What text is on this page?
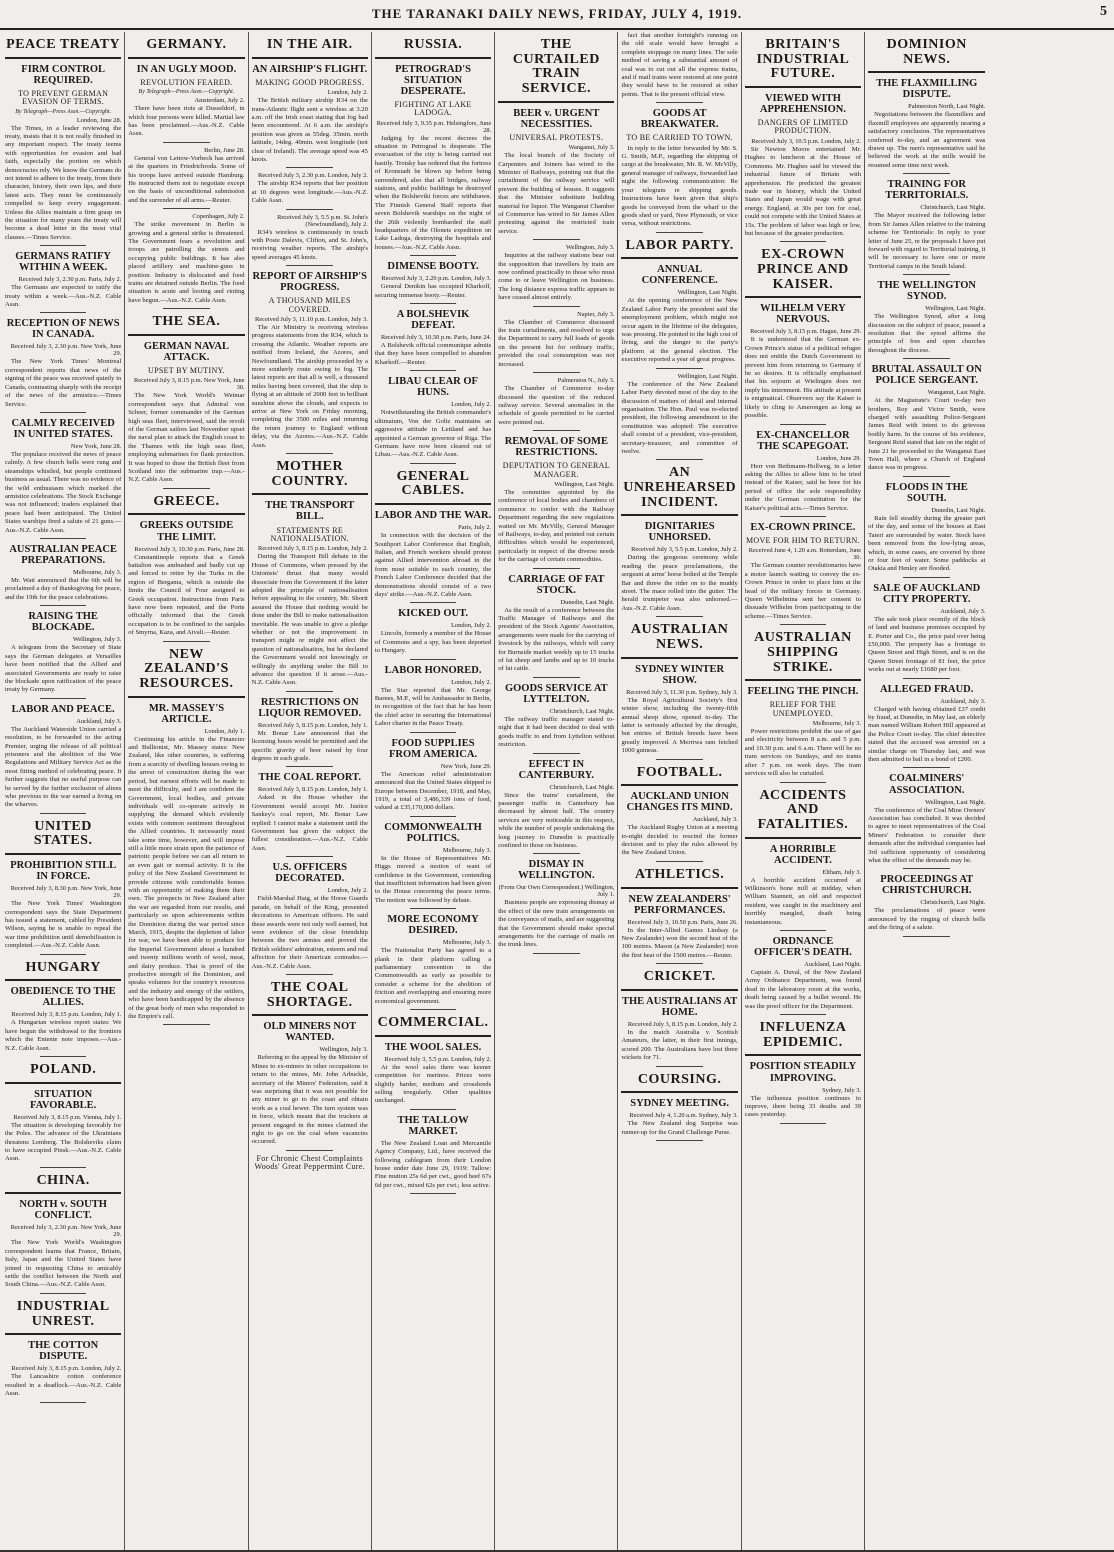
THE TARANAKI DAILY NEWS, FRIDAY, JULY 4, 1919.	5
PEACE TREATY
FIRM CONTROL REQUIRED.
TO PREVENT GERMAN EVASION OF TERMS.
By Telegraph—Press Assn.—Copyright.
London, June 28.
The Times, in a leader reviewing the treaty, insists that it is not really finished in any important respect. The treaty teems with opportunities for evasion and bad faith, especially the portion on which democracies rely. We know the Germans do not intend to adhere to the treaty, from their character, history, their own lips, and their latest acts. They must be continuously compelled to keep every engagement. Unless the Allies maintain a firm grasp on the situation for many years the treaty will become a dead letter in the most vital clauses.—Times Service.
GERMANS RATIFY WITHIN A WEEK.
Received July 3, 2.30 p.m. Paris, July 2.
The Germans are expected to ratify the treaty within a week.—Aus.-N.Z. Cable Assn.
RECEPTION OF NEWS IN CANADA.
Received July 3, 2.30 p.m. New York, June 29.
The New York Times' Montreal correspondent reports that news of the signing of the peace was received quietly in Canada, contrasting sharply with the receipt of the news of the armistice.—Times Service.
CALMLY RECEIVED IN UNITED STATES.
New York, June 28.
The populace received the news of peace calmly. A few church bells were rung and steamships whistled, but people continued business as usual. There was no evidence of the wild enthusiasm which marked the armistice celebrations. The Stock Exchange was not influenced; traders explained that peace had been anticipated. The United States warships fired a salute of 21 guns.—Aus.-N.Z. Cable Assn.
AUSTRALIAN PEACE PREPARATIONS.
Melbourne, July 3.
Mr. Watt announced that the 6th will be proclaimed a day of thanksgiving for peace, and the 19th for the peace celebrations.
RAISING THE BLOCKADE.
Wellington, July 3.
A telegram from the Secretary of State says the German delegates at Versailles have been notified that the Allied and associated Governments are ready to raise the blockade upon ratification of the peace treaty by Germany.
LABOR AND PEACE.
Auckland, July 3.
The Auckland Waterside Union carried a resolution, to be forwarded to the acting Premier, urging the release of all political prisoners and the abolition of the War Regulations and Military Service Act as the most fitting method of celebrating peace. It further suggests that no useful purpose can be served by the further exclusion of aliens who previous to the war earned a living on the wharves.
UNITED STATES.
PROHIBITION STILL IN FORCE.
Received July 3, 8.30 p.m. New York, June 29.
The New York Times' Washington correspondent says the State Department has issued a statement, cabled by President Wilson, saying he is unable to repeal the war time prohibition until demobilisation is completed.—Aus.-N.Z. Cable Assn.
HUNGARY
OBEDIENCE TO THE ALLIES.
Received July 3, 8.15 p.m. London, July 1.
A Hungarian wireless report states: We have begun the withdrawal to the frontiers which the Entente note imposes.—Aus.-N.Z. Cable Assn.
POLAND.
SITUATION FAVORABLE.
Received July 3, 8.15 p.m. Vienna, July 1.
The situation is developing favorably for the Poles. The advance of the Ukrainians threatens Lemberg. The Bolsheviks claim to have occupied Pinsk.—Aus.-N.Z. Cable Assn.
CHINA.
NORTH v. SOUTH CONFLICT.
Received July 3, 2.30 p.m. New York, June 29.
The New York World's Washington correspondent learns that France, Britain, Italy, Japan and the United States have joined in requesting China to amicably settle the conflict between the North and South China.—Aus.-N.Z. Cable Assn.
INDUSTRIAL UNREST.
THE COTTON DISPUTE.
Received July 3, 8.15 p.m. London, July 2.
The Lancashire cotton conference resulted in a deadlock.—Aus.-N.Z. Cable Assn.
GERMANY.
IN AN UGLY MOOD.
REVOLUTION FEARED.
By Telegraph—Press Assn.—Copyright.
Amsterdam, July 2.
There have been riots at Dusseldorf, in which four persons were killed. Martial law has been proclaimed.—Aus.-N.Z. Cable Assn.
Berlin, June 28.
General von Lettow-Vorbeck has arrived at the quarters in Friedrichroda. Some of his troops have arrived outside Hamburg. He instructed them not to negotiate except on the basis of unconditional submission and the surrender of all arms.—Reuter.
Copenhagen, July 2.
The strike movement in Berlin is growing and a general strike is threatened. The Government fears a revolution and troops are patrolling the streets and occupying public buildings. It has also placed artillery and machine-guns in position. Industry is dislocated and food trains are detained outside Berlin. The food situation is acute and looting and rioting have begun.—Aus.-N.Z. Cable Assn.
THE SEA.
GERMAN NAVAL ATTACK.
UPSET BY MUTINY.
Received July 3, 8.15 p.m. New York, June 30.
The New York World's Weimar correspondent says that Admiral von Scheer, former commander of the German high seas fleet, interviewed, said the revolt of the German sailors last November upset the naval plan to attack the English coast to the Thames with the high seas fleet, employing submarines for flank protection. It was hoped to draw the British fleet from Scotland into the submarine trap.—Aus.-N.Z. Cable Assn.
GREECE.
GREEKS OUTSIDE THE LIMIT.
Received July 3, 10.30 p.m. Paris, June 28.
Constantinople reports that a Greek battalion was ambushed and badly cut up and forced to retire by the Turks in the region of Bergama, which is outside the limits the Council of Four assigned to Greek occupation. Instructions from Paris have now been repeated, and the Porte officially informed that the Greek occupation is to be confined to the sanjaks of Smyrna, Kaza, and Aivali.—Reuter.
NEW ZEALAND'S RESOURCES.
MR. MASSEY'S ARTICLE.
London, July 1.
Continuing his article in the Financier and Bullionist, Mr. Massey states: New Zealand, like other countries, is suffering from a scarcity of dwelling houses owing to the arrest of construction during the war period, but earnest efforts will be made to meet the difficulty, and I am confident the Government, local bodies, and private individuals will co-operate actively in supplying the demand which evidently exists with common sentiment throughout the Allied countries. It necessarily must take some time, however, and will impose still a little more strain upon the patience of patriotic people before we can all return to an even gait or normal activity. It is the policy of the New Zealand Government to provide citizens with comfortable homes with an opportunity of making them their own. The prospects in New Zealand after the war are regarded from our results, and particularly so upon achievements within the Dominion during the war period since March, 1915, despite the depletion of labor for war, we have been able to produce for the Imperial Government about a hundred and twenty millions worth of wool, meat, and dairy produce. That is proof of the productive strength of the Dominion, and speaks volumes for the country's resources and the industry and energy of the settlers, who have been handicapped by the absence of the great body of men who responded to the Empire's call.
IN THE AIR.
AN AIRSHIP'S FLIGHT.
MAKING GOOD PROGRESS.
London, July 2.
The British military airship R34 on the trans-Atlantic flight sent a wireless at 3.20 a.m. off the Irish coast stating that fog had been encountered. At 6 a.m. the airship's position was given as 55deg. 35min. north latitude, 14deg. 40min. west longitude (not clear of Ireland). The average speed was 45 knots.
Received July 3, 2.30 p.m. London, July 2.
The airship R34 reports that her position at 10 degrees west longitude.—Aus.-N.Z. Cable Assn.
Received July 3, 5.5 p.m. St. John's (Newfoundland), July 2.
R34's wireless is continuously in touch with Poste Dalevis, Clifton, and St. John's, receiving weather reports. The airship's speed averages 45 knots.
REPORT OF AIRSHIP'S PROGRESS.
A THOUSAND MILES COVERED.
Received July 3, 11.10 p.m. London, July 3.
The Air Ministry is receiving wireless progress statements from the R34, which is crossing the Atlantic. Weather reports are notified from Ireland, the Azores, and Newfoundland. The airship proceeded by a more southerly route owing to fog. The latest reports are that all is well, a thousand miles having been covered, that the ship is flying at an altitude of 2000 feet in brilliant sunshine above the clouds, and expects to arrive at New York on Friday morning, completing the 3500 miles and returning the return journey to England without delay, via the Azores.—Aus.-N.Z. Cable Assn.
MOTHER COUNTRY.
THE TRANSPORT BILL.
STATEMENTS RE NATIONALISATION.
Received July 3, 8.15 p.m. London, July 2.
During the Transport Bill debate in the House of Commons, when pressed by the Unionists' thrust that many would dissociate from the Government if the latter adopted the principle of nationalisation before appealing to the country, Mr. Shortt assured the House that nothing would be done under the Bill to make nationalisation inevitable. He was unable to give a pledge whether or not the improvement in transport might or might not affect the question of nationalisation, but he declared the Government would not knowingly or willingly do anything under the Bill to advance the question if it arose.—Aus.-N.Z. Cable Assn.
RESTRICTIONS ON LIQUOR REMOVED.
Received July 3, 8.15 p.m. London, July 1.
Mr. Bonar Law announced that the licensing hours would be permitted and the specific gravity of beer raised by four degrees in each grade.
THE COAL REPORT.
Received July 3, 8.15 p.m. London, July 1.
Asked in the House whether the Government would accept Mr. Justice Sankey's coal report, Mr. Bonar Law replied: I cannot make a statement until the Government has given the subject the fullest consideration.—Aus.-N.Z. Cable Assn.
U.S. OFFICERS DECORATED.
London, July 2.
Field-Marshal Haig, at the Horse Guards parade, on behalf of the King, presented decorations to American officers. He said these awards were not only well earned, but were evidence of the close friendship between the two armies and proved the British soldiers' admiration, esteem and real affection for their American comrades.—Aus.-N.Z. Cable Assn.
THE COAL SHORTAGE.
OLD MINERS NOT WANTED.
Wellington, July 3.
Referring to the appeal by the Minister of Mines to ex-miners in other occupations to return to the mines, Mr. John Arbuckle, secretary of the Miners' Federation, said it was surprising that it was not possible for any miner to go to the coast and obtain work as a coal hewer. The turn system was in force, which meant that the truckers at present engaged in the mines claimed the right to go on the coal when vacancies occurred.
For Chronic Chest Complaints Woods' Great Peppermint Cure.
RUSSIA.
PETROGRAD'S SITUATION DESPERATE.
FIGHTING AT LAKE LADOGA.
Received July 3, 9.35 p.m. Helsingfors, June 28.
Judging by the recent decrees the situation in Petrograd is desperate. The evacuation of the city is being carried out hastily. Trotsky has ordered that the fortress of Kronstadt be blown up before being surrendered, also that all bridges, railway stations, and public buildings be destroyed when the Bolsheviki forces are withdrawn. The Finnish General Staff reports that seven Bolshevik warships on the night of the 26th violently bombarded the staff headquarters of the Olonets expedition on Lake Ladoga, destroying the hospitals and houses.—Aus.-N.Z. Cable Assn.
DIMENSE BOOTY.
Received July 3, 2.20 p.m. London, July 3.
General Denikin has occupied Kharkoff, securing immense booty.—Reuter.
A BOLSHEVIK DEFEAT.
Received July 3, 10.50 p.m. Paris, June 24.
A Bolshevik official communique admits that they have been compelled to abandon Kharkoff.—Reuter.
LIBAU CLEAR OF HUNS.
London, July 2.
Notwithstanding the British commander's ultimatum, Von der Goltz maintains an aggressive attitude in Lettland and has appointed a German governor of Riga. The Germans have now been cleared out of Libau.—Aus.-N.Z. Cable Assn.
GENERAL CABLES.
LABOR AND THE WAR.
Paris, July 2.
In connection with the decision of the Southport Labor Conference that English, Italian, and French workers should protest against Allied intervention abroad in the form most suitable to each country, the French Labor Conference decided that the demonstrations should consist of a two days' strike.—Aus.-N.Z. Cable Assn.
KICKED OUT.
London, July 2.
Lincoln, formerly a member of the House of Commons and a spy, has been deported to Hungary.
LABOR HONORED.
London, July 2.
The Star reported that Mr. George Barnes, M.P., will be Ambassador in Berlin, in recognition of the fact that he has been the chief actor in securing the International Labor charter in the Peace Treaty.
FOOD SUPPLIES FROM AMERICA.
New York, June 29.
The American relief administration announced that the United States shipped to Europe between December, 1918, and May, 1919, a total of 3,486,339 tons of food, valued at £35,170,000 dollars.
COMMONWEALTH POLITICS.
Melbourne, July 3.
In the House of Representatives Mr. Higgs moved a motion of want of confidence in the Government, contending that insufficient information had been given to the House concerning the peace terms. The motion was followed by debate.
MORE ECONOMY DESIRED.
Melbourne, July 3.
The Nationalist Party has agreed to a plank in their platform calling a parliamentary convention in the Commonwealth as early as possible to consider a scheme for the abolition of friction and overlapping and ensuring more economical government.
COMMERCIAL.
THE WOOL SALES.
Received July 3, 5.5 p.m. London, July 2.
At the wool sales there was keener competition for merinos. Prices were slightly harder, medium and crossbreds selling irregularly. Other qualities unchanged.
THE TALLOW MARKET.
The New Zealand Loan and Mercantile Agency Company, Ltd., have received the following cablegram from their London house under date June 29, 1919: Tallow: Fine mutton 25s 6d per cwt., good beef 67s 6d per cwt., mixed 62s per cwt.; less active.
THE CURTAILED TRAIN SERVICE.
BEER v. URGENT NECESSITIES.
UNIVERSAL PROTESTS.
Wanganui, July 3.
The local branch of the Society of Carpenters and Joiners has wired to the Minister of Railways, pointing out that the curtailment of the railway service will prevent the building of houses. It suggests that the Minister substitute building material for liquor. The Wanganui Chamber of Commerce has wired to Sir James Allen protesting against the restricted train service.
Wellington, July 3.
Inquiries at the railway stations bear out the supposition that travellers by train are now confined practically to those who must come to or leave Wellington on business. The long distance express traffic appears to have ceased almost entirely.
Napier, July 3.
The Chamber of Commerce discussed the train curtailments, and resolved to urge the Department to carry full loads of goods on the present list for ordinary traffic, provided the coal consumption was not increased.
Palmerston N., July 3.
The Chamber of Commerce to-day discussed the question of the reduced railway service. Several anomalies in the schedule of goods permitted to be carried were pointed out.
REMOVAL OF SOME RESTRICTIONS.
DEPUTATION TO GENERAL MANAGER.
Wellington, Last Night.
The committee appointed by the conference of local bodies and chambers of commerce to confer with the Railway Department regarding the new regulations waited on Mr. McVilly, General Manager of Railways, to-day, and pointed out certain difficulties which would be experienced, particularly in respect of the diverse needs for the carriage of certain commodities.
CARRIAGE OF FAT STOCK.
Dunedin, Last Night.
As the result of a conference between the Traffic Manager of Railways and the president of the Stock Agents' Association, arrangements were made for the carrying of livestock by the railways, which will carry for Burnside market weekly up to 15 trucks of fat sheep and lambs and up to 10 trucks of fat cattle.
GOODS SERVICE AT LYTTELTON.
Christchurch, Last Night.
The railway traffic manager stated to-night that it had been decided to deal with goods traffic to and from Lyttelton without restriction.
EFFECT IN CANTERBURY.
Christchurch, Last Night.
Since the trains' curtailment, the passenger traffic in Canterbury has decreased by almost half. The country services are very noticeable in this respect, while the number of people undertaking the long journey to Dunedin is practically confined to those on business.
DISMAY IN WELLINGTON.
(From Our Own Correspondent.) Wellington, July 1.
Business people are expressing dismay at the effect of the new train arrangements on the conveyance of mails, and are suggesting that the Government should make special arrangements for the carriage of mails on the trunk lines.
fact that another fortnight's running on the old scale would have brought a complete stoppage on many lines. The sole method of saving a substantial amount of coal was to cut out all the express trains, and if mail trains were restored at one point they would have to be restored at other points. That is the present official view.
GOODS AT BREAKWATER.
TO BE CARRIED TO TOWN.
In reply to the letter forwarded by Mr. S. G. Smith, M.P., regarding the shipping of cargo at the breakwater, Mr. R. W. McVilly, general manager of railways, forwarded last night the following communication: Re your telegram re shipping goods. Instructions have been given that ship's goods be conveyed from the wharf to the goods shed or yard, New Plymouth, or vice versa, without restrictions.
LABOR PARTY.
ANNUAL CONFERENCE.
Wellington, Last Night.
At the opening conference of the New Zealand Labor Party the president said the unemployment problem, which might not occur again in the lifetime of the delegates, was pressing. He pointed to the high cost of living, and the danger to the party's platform at the general election. The executive reported a year of great progress.
Wellington, Last Night.
The conference of the New Zealand Labor Party devoted most of the day to the discussion of matters of detail and internal organisation. The Hon. Paul was re-elected president, the following amendment to the constitution was adopted: The executive shall consist of a president, vice-president, secretary-treasurer, and committee of twelve.
AN UNREHEARSED INCIDENT.
DIGNITARIES UNHORSED.
Received July 3, 5.5 p.m. London, July 2.
During the gorgeous ceremony while reading the peace proclamations, the sergeant at arms' horse bolted at the Temple Bar and threw the rider on to the muddy street. The mace rolled into the gutter. The herald trumpeter was also unhorsed.—Aus.-N.Z. Cable Assn.
AUSTRALIAN NEWS.
SYDNEY WINTER SHOW.
Received July 3, 11.30 p.m. Sydney, July 3.
The Royal Agricultural Society's first winter show, including the twenty-fifth annual sheep show, opened to-day. The latter is seriously affected by the drought, but entries of British breeds have been greatly improved. A Merriwa ram fetched 1000 guineas.
FOOTBALL.
AUCKLAND UNION CHANGES ITS MIND.
Auckland, July 3.
The Auckland Rugby Union at a meeting to-night decided to rescind the former decision and to play the rules allowed by the New Zealand Union.
ATHLETICS.
NEW ZEALANDERS' PERFORMANCES.
Received July 3, 10.50 p.m. Paris, June 26.
In the Inter-Allied Games Lindsay (a New Zealander) won the second heat of the 100 metres. Mason (a New Zealander) won the first heat of the 1500 metres.—Reuter.
CRICKET.
THE AUSTRALIANS AT HOME.
Received July 3, 8.15 p.m. London, July 2.
In the match Australia v. Scottish Amateurs, the latter, in their first innings, scored 200. The Australians have lost three wickets for 71.
COURSING.
SYDNEY MEETING.
Received July 4, 1.20 a.m. Sydney, July 3.
The New Zealand dog Surprise was runner-up for the Grand Challenge Purse.
BRITAIN'S INDUSTRIAL FUTURE.
VIEWED WITH APPREHENSION.
DANGERS OF LIMITED PRODUCTION.
Received July 3, 10.5 p.m. London, July 2.
Sir Newton Moore entertained Mr. Hughes to luncheon at the House of Commons. Mr. Hughes said he viewed the industrial future of Britain with apprehension. He predicted the greatest trade war in history, which the United States and Japan would wage with great energy. England, at 30s per ton for coal, could not compete with the United States at 15s. The problem of labor was high or low, but because of the greater production.
EX-CROWN PRINCE AND KAISER.
WILHELM VERY NERVOUS.
Received July 3, 8.15 p.m. Hague, June 29.
It is understood that the German ex-Crown Prince's status of a political refugee does not entitle the Dutch Government to prevent him from returning to Germany if he so desires. It is officially emphasised that his sojourn at Wielingen does not imply his internment. His attitude at present is enigmatical. Observers say the Kaiser is likely to cling to Amerongen as long as possible.
EX-CHANCELLOR THE SCAPEGOAT.
London, June 29.
Herr von Bethmann-Hollweg, in a letter asking the Allies to allow him to be tried instead of the Kaiser, said he bore for his period of office the sole responsibility under the German constitution for the Kaiser's political acts.—Times Service.
EX-CROWN PRINCE.
MOVE FOR HIM TO RETURN.
Received June 4, 1.20 a.m. Rotterdam, June 30.
The German counter revolutionaries have a motor launch waiting to convey the ex-Crown Prince in order to place him at the head of the military forces in Germany. Queen Wilhelmina sent her consent to dissuade Wilhelm from participating in the scheme.—Times Service.
AUSTRALIAN SHIPPING STRIKE.
FEELING THE PINCH.
RELIEF FOR THE UNEMPLOYED.
Melbourne, July 3.
Power restrictions prohibit the use of gas and electricity between 8 a.m. and 5 p.m. and 10.30 p.m. and 6 a.m. There will be no tram services on Sundays, and no trams after 7 p.m. on week days. The tram services will also be curtailed.
ACCIDENTS AND FATALITIES.
A HORRIBLE ACCIDENT.
Eltham, July 3.
A horrible accident occurred at Wilkinson's bone mill at midday, when William Stannett, an old and respected resident, was caught in the machinery and horribly mangled, death being instantaneous.
ORDNANCE OFFICER'S DEATH.
Auckland, Last Night.
Captain A. Duval, of the New Zealand Army Ordnance Department, was found dead in the laboratory room at the works, death being caused by a bullet wound. He was the proof officer for the Department.
INFLUENZA EPIDEMIC.
POSITION STEADILY IMPROVING.
Sydney, July 3.
The influenza position continues to improve, there being 33 deaths and 39 cases yesterday.
DOMINION NEWS.
THE FLAXMILLING DISPUTE.
Palmerston North, Last Night.
Negotiations between the flaxmillers and flaxmill employees are apparently nearing a satisfactory conclusion. The representatives conferred to-day, and an agreement was drawn up. The men's representative said he believed the work at the mills would be resumed some time next week.
TRAINING FOR TERRITORIALS.
Christchurch, Last Night.
The Mayor received the following letter from Sir James Allen relative to the training scheme for Territorials: In reply to your letter of June 25, re the proposals I have put forward with regard to Territorial training, it will be necessary to have one or more Territorial camps in the South Island.
THE WELLINGTON SYNOD.
Wellington, Last Night.
The Wellington Synod, after a long discussion on the subject of peace, passed a resolution that the synod affirms the principle of free and open churches throughout the diocese.
BRUTAL ASSAULT ON POLICE SERGEANT.
Wanganui, Last Night.
At the Magistrate's Court to-day two brothers, Roy and Victor Smith, were charged with assaulting Police-Sergeant James Reid with intent to do grievous bodily harm. In the course of his evidence, Sergeant Reid stated that late on the night of June 21 he proceeded to the Wanganui East Town Hall, where a Church of England dance was in progress.
FLOODS IN THE SOUTH.
Dunedin, Last Night.
Rain fell steadily during the greater part of the day, and some of the houses at East Taieri are surrounded by water. Stock have been removed from the low-lying areas, which, in some cases, are covered by three or four feet of water. Some paddocks at Otakia and Henley are flooded.
SALE OF AUCKLAND CITY PROPERTY.
Auckland, July 3.
The sale took place recently of the block of land and business premises occupied by E. Porter and Co., the price paid over being £50,000. The property has a frontage to Queen Street and High Street, and is on the Queen Street frontage of 81 feet, the price works out at nearly £1680 per foot.
ALLEGED FRAUD.
Auckland, July 3.
Charged with having obtained £37 credit by fraud, at Dunedin, in May last, an elderly man named William Robert Hill appeared at the Police Court to-day. The chief detective stated that the accused was arrested on a similar charge on Thursday last, and was then admitted to bail in a bond of £200.
COALMINERS' ASSOCIATION.
Wellington, Last Night.
The conference of the Coal Mine Owners' Association has concluded. It was decided to agree to meet representatives of the Coal Miners' Federation to consider their demands after the individual companies had 3rd sufficient opportunity of considering what the effect of the demands may be.
PROCEEDINGS AT CHRISTCHURCH.
Christchurch, Last Night.
The proclamations of peace were announced by the ringing of church bells and the firing of a salute.
